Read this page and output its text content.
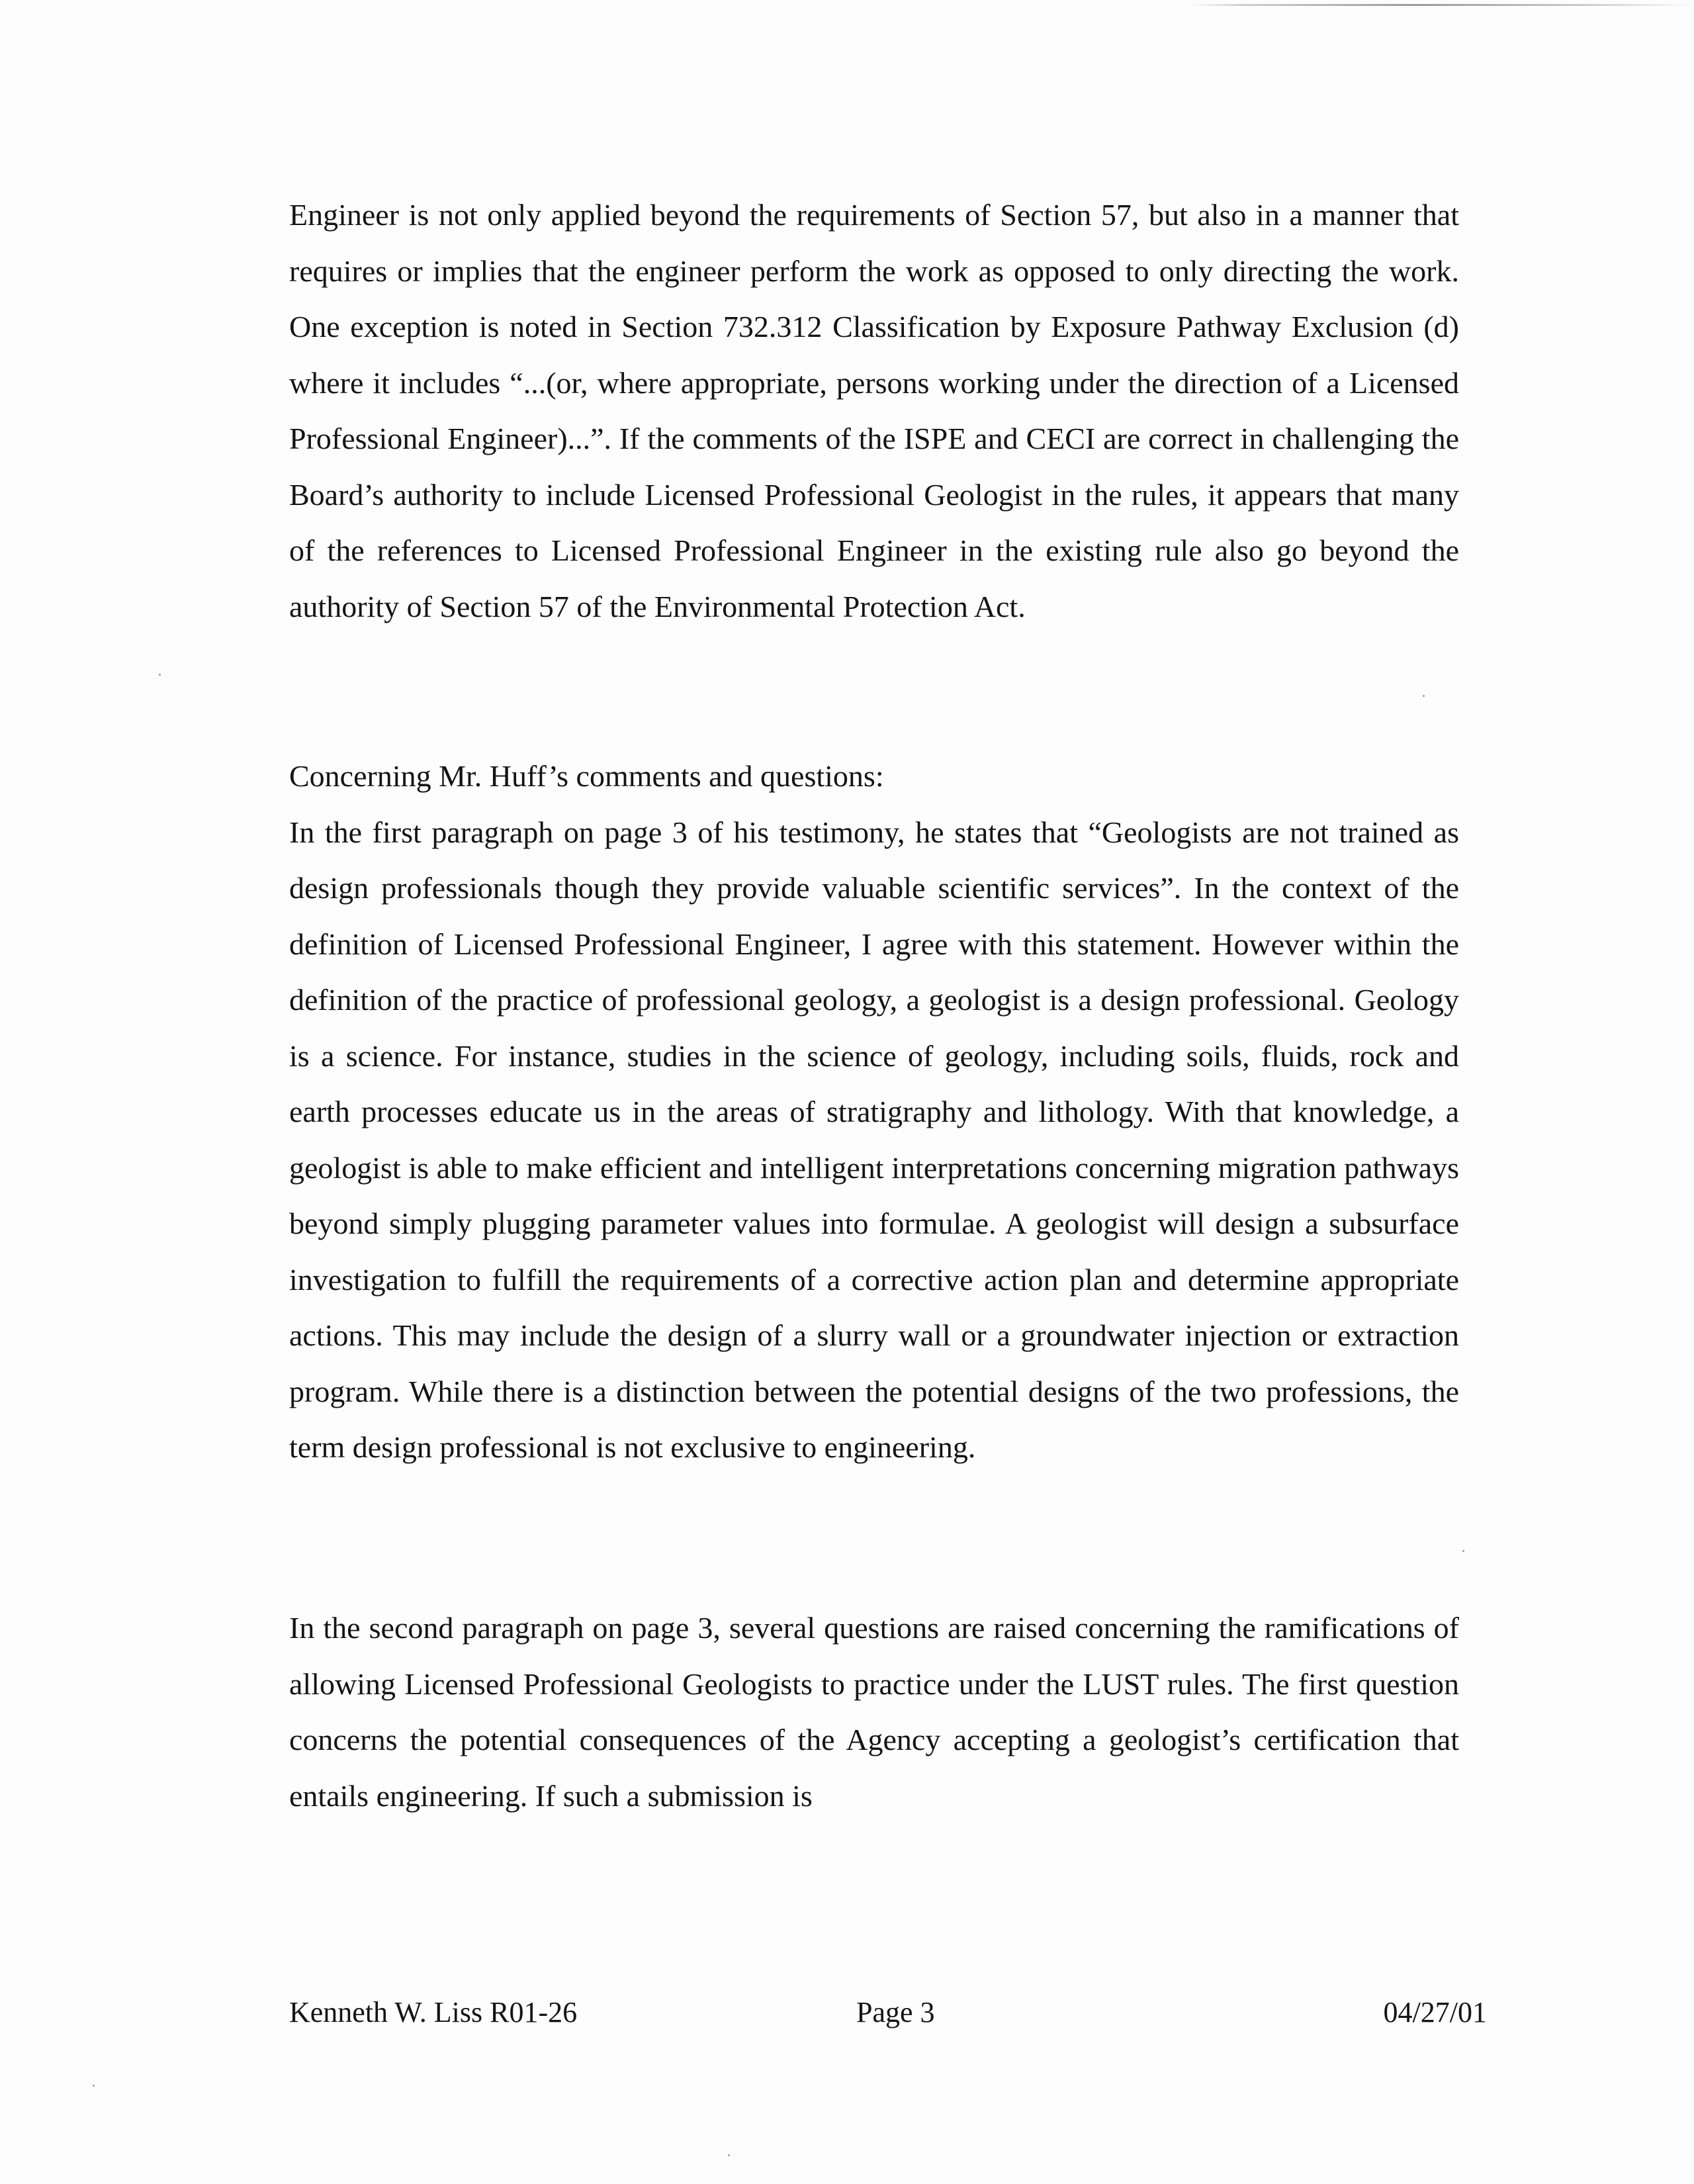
Engineer is not only applied beyond the requirements of Section 57, but also in a manner that requires or implies that the engineer perform the work as opposed to only directing the work. One exception is noted in Section 732.312 Classification by Exposure Pathway Exclusion (d) where it includes “...(or, where appropriate, persons working under the direction of a Licensed Professional Engineer)...”. If the comments of the ISPE and CECI are correct in challenging the Board’s authority to include Licensed Professional Geologist in the rules, it appears that many of the references to Licensed Professional Engineer in the existing rule also go beyond the authority of Section 57 of the Environmental Protection Act.

Concerning Mr. Huff’s comments and questions:
In the first paragraph on page 3 of his testimony, he states that “Geologists are not trained as design professionals though they provide valuable scientific services”. In the context of the definition of Licensed Professional Engineer, I agree with this statement. However within the definition of the practice of professional geology, a geologist is a design professional. Geology is a science. For instance, studies in the science of geology, including soils, fluids, rock and earth processes educate us in the areas of stratigraphy and lithology. With that knowledge, a geologist is able to make efficient and intelligent interpretations concerning migration pathways beyond simply plugging parameter values into formulae. A geologist will design a subsurface investigation to fulfill the requirements of a corrective action plan and determine appropriate actions. This may include the design of a slurry wall or a groundwater injection or extraction program. While there is a distinction between the potential designs of the two professions, the term design professional is not exclusive to engineering.

In the second paragraph on page 3, several questions are raised concerning the ramifications of allowing Licensed Professional Geologists to practice under the LUST rules. The first question concerns the potential consequences of the Agency accepting a geologist’s certification that entails engineering. If such a submission is

Kenneth W. Liss R01-26	Page 3	04/27/01
